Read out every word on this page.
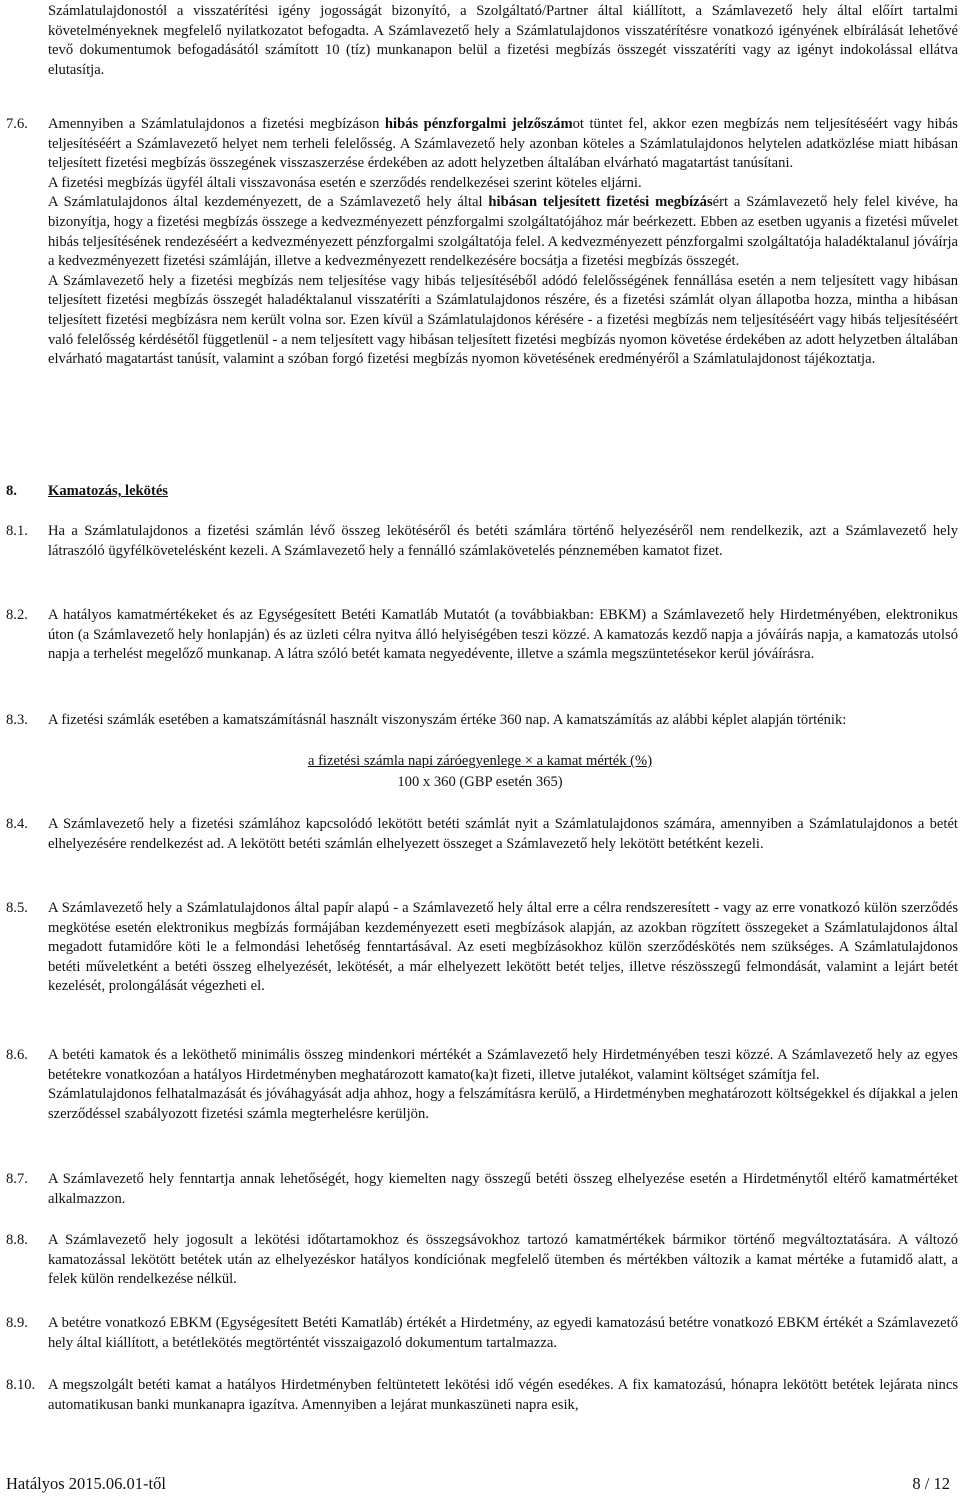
Számlatulajdonostól a visszatérítési igény jogosságát bizonyító, a Szolgáltató/Partner által kiállított, a Számlavezető hely által előírt tartalmi követelményeknek megfelelő nyilatkozatot befogadta. A Számlavezető hely a Számlatulajdonos visszatérítésre vonatkozó igényének elbírálását lehetővé tevő dokumentumok befogadásától számított 10 (tíz) munkanapon belül a fizetési megbízás összegét visszatéríti vagy az igényt indokolással ellátva elutasítja.

7.6.	Amennyiben a Számlatulajdonos a fizetési megbízáson hibás pénzforgalmi jelzőszámot tüntet fel, akkor ezen megbízás nem teljesítéséért vagy hibás teljesítéséért a Számlavezető helyet nem terheli felelősség. A Számlavezető hely azonban köteles a Számlatulajdonos helytelen adatközlése miatt hibásan teljesített fizetési megbízás összegének visszaszerzése érdekében az adott helyzetben általában elvárható magatartást tanúsítani.

A fizetési megbízás ügyfél általi visszavonása esetén e szerződés rendelkezései szerint köteles eljárni.

A Számlatulajdonos által kezdeményezett, de a Számlavezető hely által hibásan teljesített fizetési megbízásért a Számlavezető hely felel kivéve, ha bizonyítja, hogy a fizetési megbízás összege a kedvezményezett pénzforgalmi szolgáltatójához már beérkezett. Ebben az esetben ugyanis a fizetési művelet hibás teljesítésének rendezéséért a kedvezményezett pénzforgalmi szolgáltatója felel. A kedvezményezett pénzforgalmi szolgáltatója haladéktalanul jóváírja a kedvezményezett fizetési számláján, illetve a kedvezményezett rendelkezésére bocsátja a fizetési megbízás összegét.

A Számlavezető hely a fizetési megbízás nem teljesítése vagy hibás teljesítéséből adódó felelősségének fennállása esetén a nem teljesített vagy hibásan teljesített fizetési megbízás összegét haladéktalanul visszatéríti a Számlatulajdonos részére, és a fizetési számlát olyan állapotba hozza, mintha a hibásan teljesített fizetési megbízásra nem került volna sor. Ezen kívül a Számlatulajdonos kérésére - a fizetési megbízás nem teljesítéséért vagy hibás teljesítéséért való felelősség kérdésétől függetlenül - a nem teljesített vagy hibásan teljesített fizetési megbízás nyomon követése érdekében az adott helyzetben általában elvárható magatartást tanúsít, valamint a szóban forgó fizetési megbízás nyomon követésének eredményéről a Számlatulajdonost tájékoztatja.

8.	Kamatozás, lekötés

8.1.	Ha a Számlatulajdonos a fizetési számlán lévő összeg lekötéséről és betéti számlára történő helyezéséről nem rendelkezik, azt a Számlavezető hely látraszóló ügyfélkövetelésként kezeli. A Számlavezető hely a fennálló számlakövetelés pénznemében kamatot fizet.

8.2.	A hatályos kamatmértékeket és az Egységesített Betéti Kamatláb Mutatót (a továbbiakban: EBKM) a Számlavezető hely Hirdetményében, elektronikus úton (a Számlavezető hely honlapján) és az üzleti célra nyitva álló helyiségében teszi közzé. A kamatozás kezdő napja a jóváírás napja, a kamatozás utolsó napja a terhelést megelőző munkanap. A látra szóló betét kamata negyedévente, illetve a számla megszüntetésekor kerül jóváírásra.

8.3.	A fizetési számlák esetében a kamatszámításnál használt viszonyszám értéke 360 nap. A kamatszámítás az alábbi képlet alapján történik:

a fizetési számla napi záróegyenlege × a kamat mérték (%)

100 x 360 (GBP esetén 365)

8.4.	A Számlavezető hely a fizetési számlához kapcsolódó lekötött betéti számlát nyit a Számlatulajdonos számára, amennyiben a Számlatulajdonos a betét elhelyezésére rendelkezést ad. A lekötött betéti számlán elhelyezett összeget a Számlavezető hely lekötött betétként kezeli.

8.5.	A Számlavezető hely a Számlatulajdonos által papír alapú - a Számlavezető hely által erre a célra rendszeresített - vagy az erre vonatkozó külön szerződés megkötése esetén elektronikus megbízás formájában kezdeményezett eseti megbízások alapján, az azokban rögzített összegeket a Számlatulajdonos által megadott futamidőre köti le a felmondási lehetőség fenntartásával. Az eseti megbízásokhoz külön szerződéskötés nem szükséges. A Számlatulajdonos betéti műveletként a betéti összeg elhelyezését, lekötését, a már elhelyezett lekötött betét teljes, illetve részösszegű felmondását, valamint a lejárt betét kezelését, prolongálását végezheti el.

8.6.	A betéti kamatok és a leköthető minimális összeg mindenkori mértékét a Számlavezető hely Hirdetményében teszi közzé. A Számlavezető hely az egyes betétekre vonatkozóan a hatályos Hirdetményben meghatározott kamato(ka)t fizeti, illetve jutalékot, valamint költséget számítja fel.

Számlatulajdonos felhatalmazását és jóváhagyását adja ahhoz, hogy a felszámításra kerülő, a Hirdetményben meghatározott költségekkel és díjakkal a jelen szerződéssel szabályozott fizetési számla megterhelésre kerüljön.

8.7.	A Számlavezető hely fenntartja annak lehetőségét, hogy kiemelten nagy összegű betéti összeg elhelyezése esetén a Hirdetménytől eltérő kamatmértéket alkalmazzon.

8.8.	A Számlavezető hely jogosult a lekötési időtartamokhoz és összegsávokhoz tartozó kamatmértékek bármikor történő megváltoztatására. A változó kamatozással lekötött betétek után az elhelyezéskor hatályos kondíciónak megfelelő ütemben és mértékben változik a kamat mértéke a futamidő alatt, a felek külön rendelkezése nélkül.

8.9.	A betétre vonatkozó EBKM (Egységesített Betéti Kamatláb) értékét a Hirdetmény, az egyedi kamatozású betétre vonatkozó EBKM értékét a Számlavezető hely által kiállított, a betétlekötés megtörténtét visszaigazoló dokumentum tartalmazza.

8.10. A megszolgált betéti kamat a hatályos Hirdetményben feltüntetett lekötési idő végén esedékes. A fix kamatozású, hónapra lekötött betétek lejárata nincs automatikusan banki munkanapra igazítva. Amennyiben a lejárat munkaszüneti napra esik,

Hatályos 2015.06.01-től	8 / 12
